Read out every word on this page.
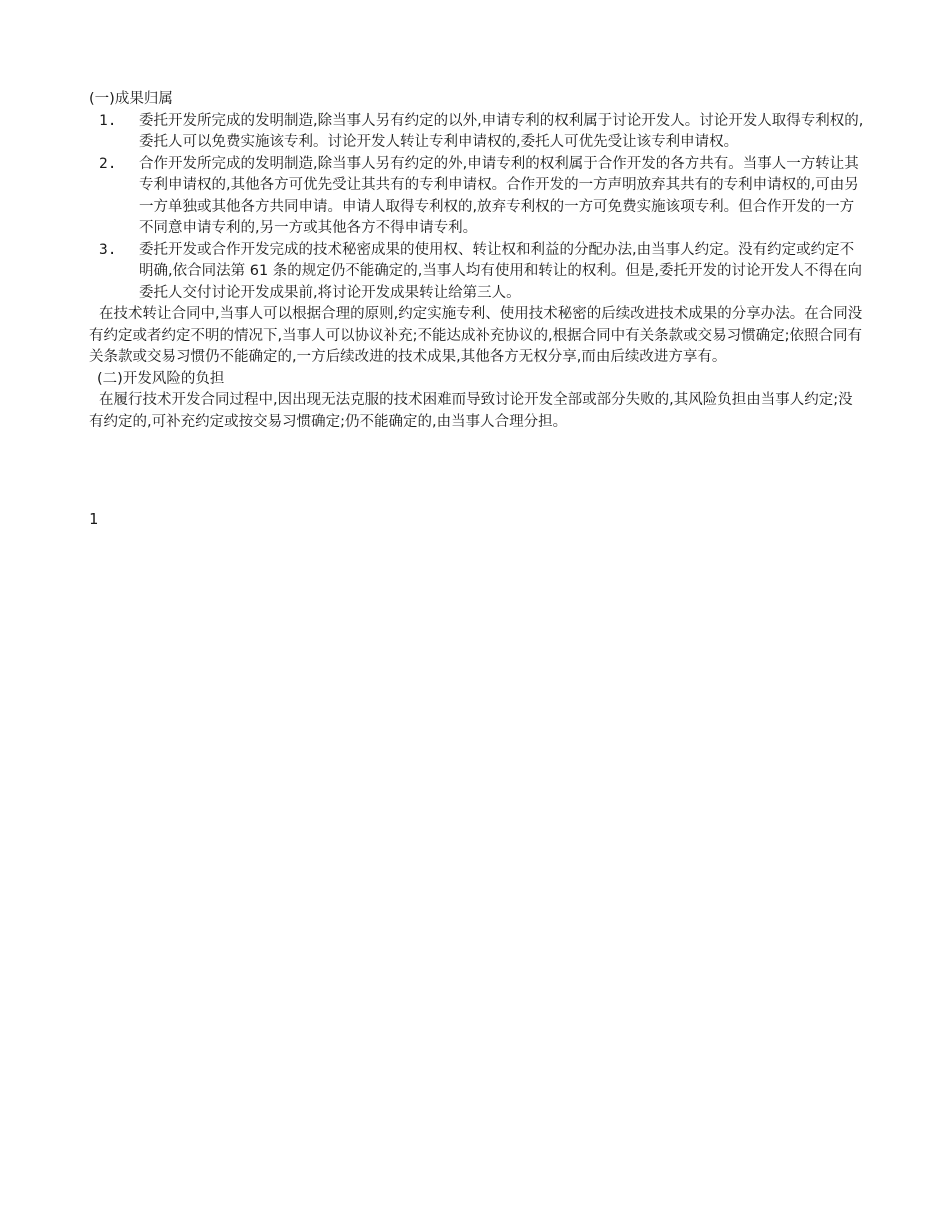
(一)成果归属
1. 委托开发所完成的发明制造,除当事人另有约定的以外,申请专利的权利属于讨论开发人。讨论开发人取得专利权的,委托人可以免费实施该专利。讨论开发人转让专利申请权的,委托人可优先受让该专利申请权。
2. 合作开发所完成的发明制造,除当事人另有约定的外,申请专利的权利属于合作开发的各方共有。当事人一方转让其专利申请权的,其他各方可优先受让其共有的专利申请权。合作开发的一方声明放弃其共有的专利申请权的,可由另一方单独或其他各方共同申请。申请人取得专利权的,放弃专利权的一方可免费实施该项专利。但合作开发的一方不同意申请专利的,另一方或其他各方不得申请专利。
3. 委托开发或合作开发完成的技术秘密成果的使用权、转让权和利益的分配办法,由当事人约定。没有约定或约定不明确,依合同法第 61 条的规定仍不能确定的,当事人均有使用和转让的权利。但是,委托开发的讨论开发人不得在向委托人交付讨论开发成果前,将讨论开发成果转让给第三人。

在技术转让合同中,当事人可以根据合理的原则,约定实施专利、使用技术秘密的后续改进技术成果的分享办法。在合同没有约定或者约定不明的情况下,当事人可以协议补充;不能达成补充协议的,根据合同中有关条款或交易习惯确定;依照合同有关条款或交易习惯仍不能确定的,一方后续改进的技术成果,其他各方无权分享,而由后续改进方享有。

(二)开发风险的负担

在履行技术开发合同过程中,因出现无法克服的技术困难而导致讨论开发全部或部分失败的,其风险负担由当事人约定;没有约定的,可补充约定或按交易习惯确定;仍不能确定的,由当事人合理分担。

1
